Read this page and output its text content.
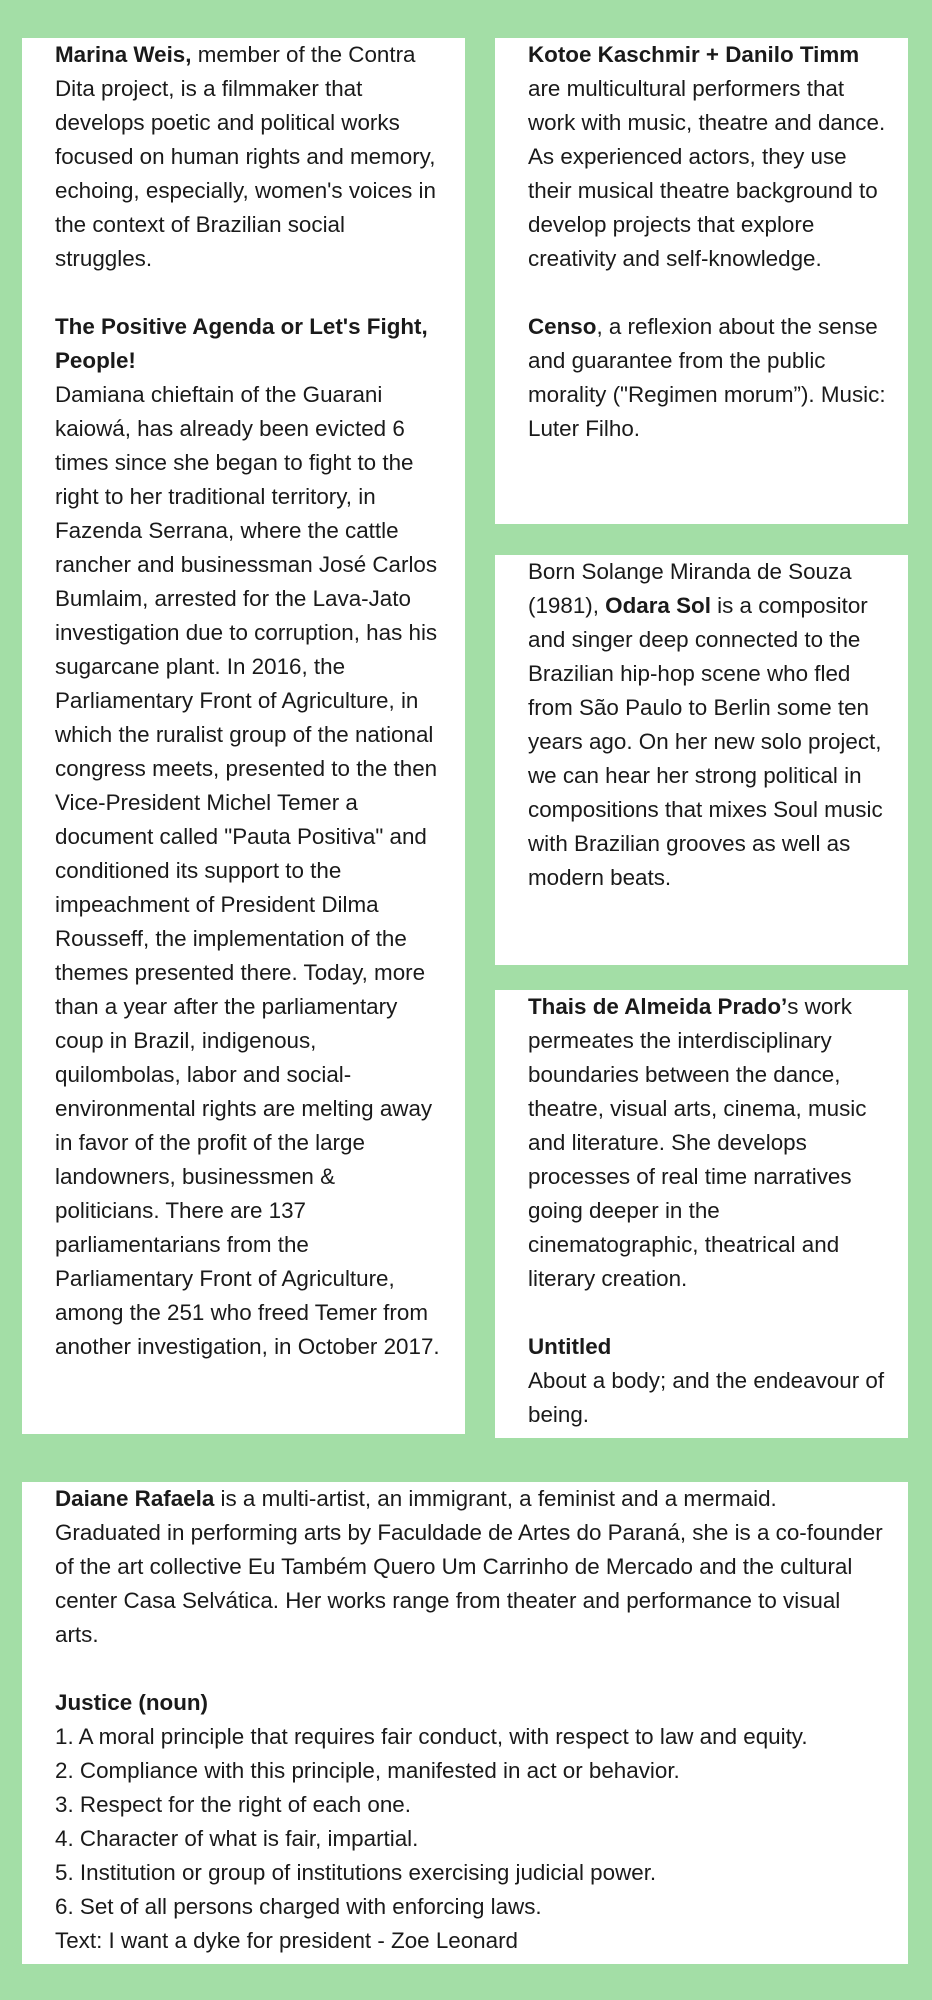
Marina Weis, member of the Contra Dita project, is a filmmaker that develops poetic and political works focused on human rights and memory, echoing, especially, women's voices in the context of Brazilian social struggles.

The Positive Agenda or Let's Fight, People!

Damiana chieftain of the Guarani kaiowá, has already been evicted 6 times since she began to fight to the right to her traditional territory, in Fazenda Serrana, where the cattle rancher and businessman José Carlos Bumlaim, arrested for the Lava-Jato investigation due to corruption, has his sugarcane plant. In 2016, the Parliamentary Front of Agriculture, in which the ruralist group of the national congress meets, presented to the then Vice-President Michel Temer a document called "Pauta Positiva" and conditioned its support to the impeachment of President Dilma Rousseff, the implementation of the themes presented there. Today, more than a year after the parliamentary coup in Brazil, indigenous, quilombolas, labor and social-environmental rights are melting away in favor of the profit of the large landowners, businessmen & politicians. There are 137 parliamentarians from the Parliamentary Front of Agriculture, among the 251 who freed Temer from another investigation, in October 2017.

Kotoe Kaschmir + Danilo Timm are multicultural performers that work with music, theatre and dance. As experienced actors, they use their musical theatre background to develop projects that explore creativity and self-knowledge.

Censo, a reflexion about the sense and guarantee from the public morality ("Regimen morum”). Music: Luter Filho.

Born Solange Miranda de Souza (1981), Odara Sol is a compositor and singer deep connected to the Brazilian hip-hop scene who fled from São Paulo to Berlin some ten years ago. On her new solo project, we can hear her strong political in compositions that mixes Soul music with Brazilian grooves as well as modern beats.

Thais de Almeida Prado’s work permeates the interdisciplinary boundaries between the dance, theatre, visual arts, cinema, music and literature. She develops processes of real time narratives going deeper in the cinematographic, theatrical and literary creation.

Untitled

About a body; and the endeavour of being.

Daiane Rafaela is a multi-artist, an immigrant, a feminist and a mermaid. Graduated in performing arts by Faculdade de Artes do Paraná, she is a co-founder of the art collective Eu Também Quero Um Carrinho de Mercado and the cultural center Casa Selvática. Her works range from theater and performance to visual arts.

Justice (noun)

1. A moral principle that requires fair conduct, with respect to law and equity.

2. Compliance with this principle, manifested in act or behavior.

3. Respect for the right of each one.

4. Character of what is fair, impartial.

5. Institution or group of institutions exercising judicial power.

6. Set of all persons charged with enforcing laws.

Text: I want a dyke for president - Zoe Leonard
